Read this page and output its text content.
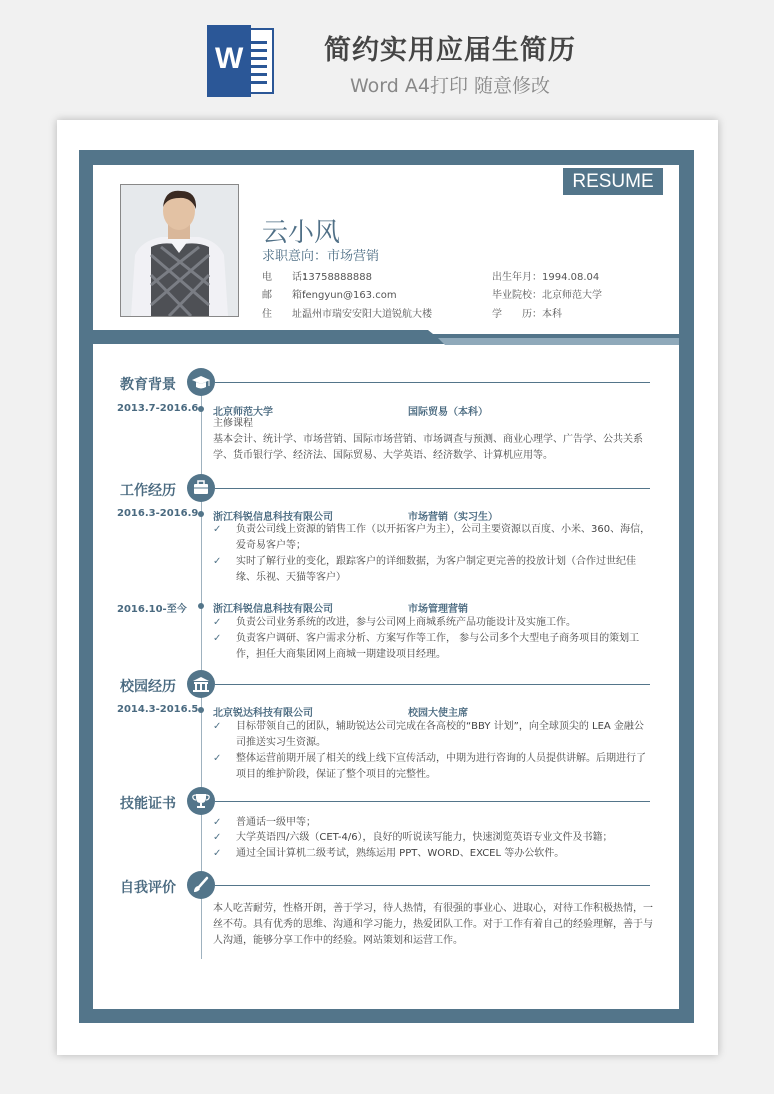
W	简约实用应届生简历
Word A4打印 随意修改
RESUME
云小风
求职意向：市场营销
电　　话：13758888888
邮　　箱：fengyun@163.com
住　　址：温州市瑞安安阳大道锐航大楼
出生年月：1994.08.04
毕业院校：北京师范大学
学　　历：本科
教育背景
2013.7-2016.6 北京师范大学	国际贸易（本科）
主修课程
基本会计、统计学、市场营销、国际市场营销、市场调查与预测、商业心理学、广告学、公共关系学、货币银行学、经济法、国际贸易、大学英语、经济数学、计算机应用等。
工作经历
2016.3-2016.9 浙江科锐信息科技有限公司	市场营销（实习生）
✓	负责公司线上资源的销售工作（以开拓客户为主），公司主要资源以百度、小米、360、海信，爱奇易客户等；
✓	实时了解行业的变化，跟踪客户的详细数据，为客户制定更完善的投放计划（合作过世纪佳缘、乐视、天猫等客户）
2016.10-至今	浙江科锐信息科技有限公司	市场管理营销
✓	负责公司业务系统的改进，参与公司网上商城系统产品功能设计及实施工作。
✓	负责客户调研、客户需求分析、方案写作等工作， 参与公司多个大型电子商务项目的策划工作，担任大商集团网上商城一期建设项目经理。
校园经历
2014.3-2016.5 北京锐达科技有限公司	校园大使主席
✓	目标带领自己的团队，辅助锐达公司完成在各高校的“BBY 计划”，向全球顶尖的 LEA 金融公司推送实习生资源。
✓	整体运营前期开展了相关的线上线下宣传活动，中期为进行咨询的人员提供讲解。后期进行了项目的维护阶段，保证了整个项目的完整性。
技能证书
✓	普通话一级甲等；
✓	大学英语四/六级（CET-4/6），良好的听说读写能力，快速浏览英语专业文件及书籍；
✓	通过全国计算机二级考试，熟练运用 PPT、WORD、EXCEL 等办公软件。
自我评价
本人吃苦耐劳，性格开朗，善于学习，待人热情，有很强的事业心、进取心，对待工作积极热情，一丝不苟。具有优秀的思维、沟通和学习能力，热爱团队工作。对于工作有着自己的经验理解，善于与人沟通，能够分享工作中的经验。网站策划和运营工作。
